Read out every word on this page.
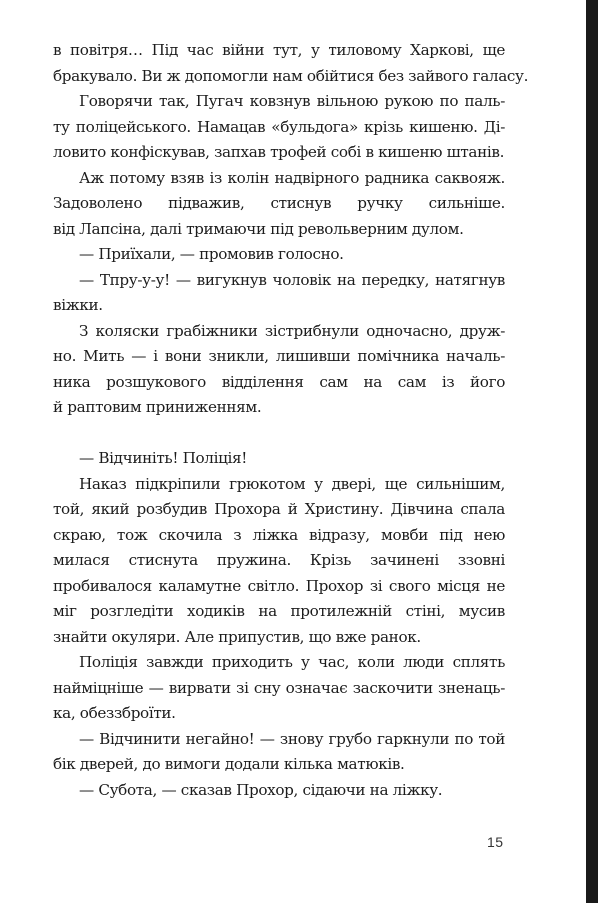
в повітря… Під час війни тут, у тиловому Харкові, ще
бракувало. Ви ж допомогли нам обійтися без зайвого галасу.
Говорячи так, Пугач ковзнув вільною рукою по паль-
ту поліцейського. Намацав «бульдога» крізь кишеню. Ді-
ловито конфіскував, запхав трофей собі в кишеню штанів.
Аж потому взяв із колін надвірного радника саквояж.
Задоволено підважив, стиснув ручку сильніше.
від Лапсіна, далі тримаючи під револьверним дулом.
— Приїхали, — промовив голосно.
— Тпру-у-у! — вигукнув чоловік на передку, натягнув
віжки.
З коляски грабіжники зістрибнули одночасно, друж-
но. Мить — і вони зникли, лишивши помічника началь-
ника розшукового відділення сам на сам із його
й раптовим приниженням.
— Відчиніть! Поліція!
Наказ підкріпили грюкотом у двері, ще сильнішим,
той, який розбудив Прохора й Христину. Дівчина спала
скраю, тож скочила з ліжка відразу, мовби під нею
милася стиснута пружина. Крізь зачинені ззовні
пробивалося каламутне світло. Прохор зі свого місця не
міг розгледіти ходиків на протилежній стіні, мусив
знайти окуляри. Але припустив, що вже ранок.
Поліція завжди приходить у час, коли люди сплять
найміцніше — вирвати зі сну означає заскочити зненаць-
ка, обеззброїти.
— Відчинити негайно! — знову грубо гаркнули по той
бік дверей, до вимоги додали кілька матюків.
— Субота, — сказав Прохор, сідаючи на ліжку.
15
